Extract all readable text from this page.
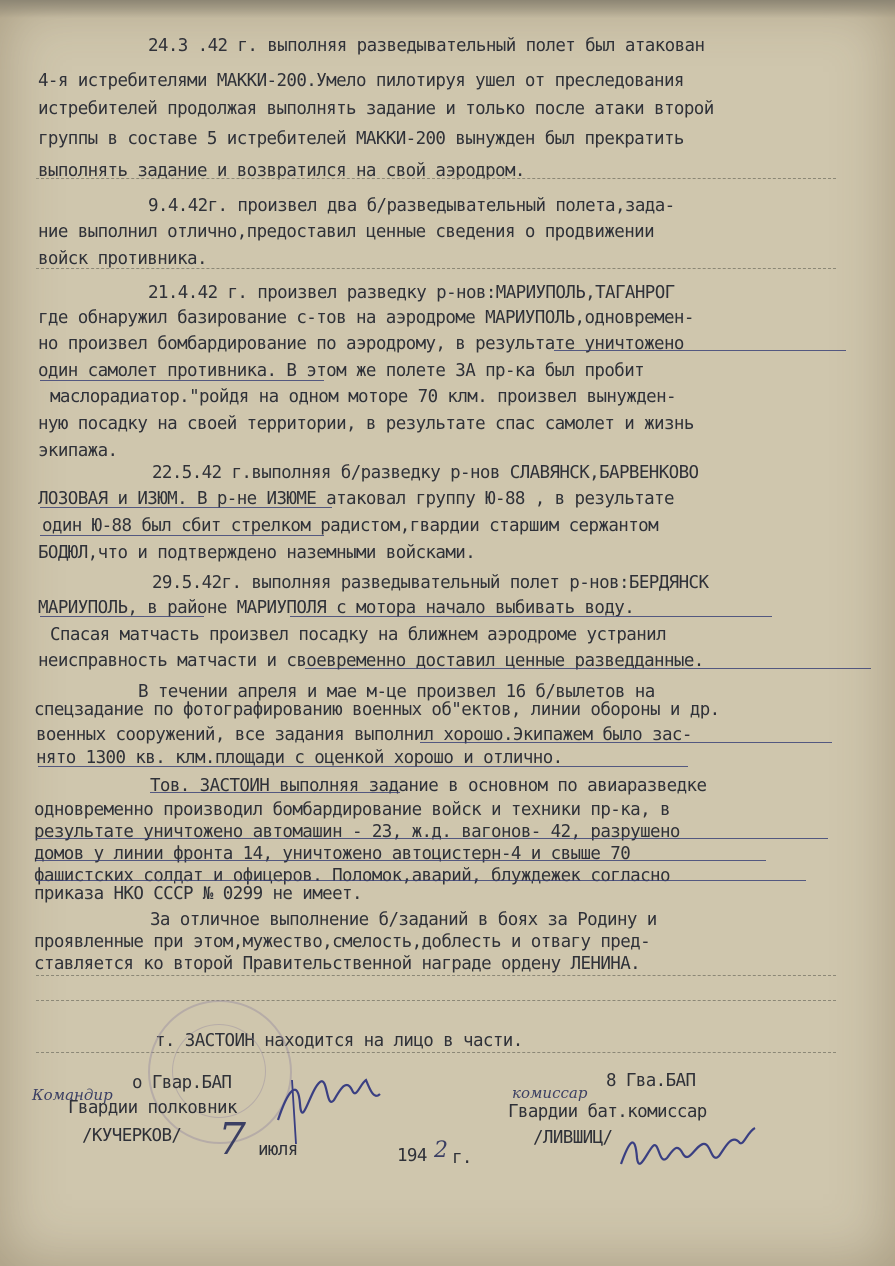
24.3 .42 г. выполняя разведывательный полет был атакован
4-я истребителями МАККИ-200.Умело пилотируя ушел от преследования
истребителей продолжая выполнять задание и только после атаки второй
группы в составе 5 истребителей МАККИ-200 вынужден был прекратить
выполнять задание и возвратился на свой аэродром.
9.4.42г. произвел два б/разведывательный полета,зада-
ние выполнил отлично,предоставил ценные сведения о продвижении
войск противника.
21.4.42 г. произвел разведку р-нов:МАРИУПОЛЬ,ТАГАНРОГ
где обнаружил базирование с-тов на аэродроме МАРИУПОЛЬ,одновремен-
но произвел бомбардирование по аэродрому, в результате уничтожено
один самолет противника. В этом же полете ЗА пр-ка был пробит
маслорадиатор."ройдя на одном моторе 70 клм. произвел вынужден-
ную посадку на своей территории, в результате спас самолет и жизнь
экипажа.
22.5.42 г.выполняя б/разведку р-нов СЛАВЯНСК,БАРВЕНКОВО
ЛОЗОВАЯ и ИЗЮМ. В р-не ИЗЮМЕ атаковал группу Ю-88 , в результате
один Ю-88 был сбит стрелком радистом,гвардии старшим сержантом
БОДЮЛ,что и подтверждено наземными войсками.
29.5.42г. выполняя разведывательный полет р-нов:БЕРДЯНСК
МАРИУПОЛЬ, в районе МАРИУПОЛЯ с мотора начало выбивать воду.
Спасая матчасть произвел посадку на ближнем аэродроме устранил
неисправность матчасти и своевременно доставил ценные разведданные.
В течении апреля и мае м-це произвел 16 б/вылетов на
спецзадание по фотографированию военных об"ектов, линии обороны и др.
военных сооружений, все задания выполнил хорошо.Экипажем было зас-
нято 1300 кв. клм.площади с оценкой хорошо и отлично.
Тов. ЗАСТОИН выполняя задание в основном по авиаразведке
одновременно производил бомбардирование войск и техники пр-ка, в
результате уничтожено автомашин - 23, ж.д. вагонов- 42, разрушено
домов у линии фронта 14, уничтожено автоцистерн-4 и свыше 70
фашистских солдат и офицеров. Поломок,аварий, блуждежек согласно
приказа НКО СССР № 0299 не имеет.
За отличное выполнение б/заданий в боях за Родину и
проявленные при этом,мужество,смелость,доблесть и отвагу пред-
ставляется ко второй Правительственной награде ордену ЛЕНИНА.
т. ЗАСТОИН находится на лицо в части.
Командир
о Гвар.БАП
Гвардии полковник
/КУЧЕРКОВ/ 7 июля	194 2 г.
8 Гва.БАП
комиссар
Гвардии бат.комиссар
/ЛИВШИЦ/
